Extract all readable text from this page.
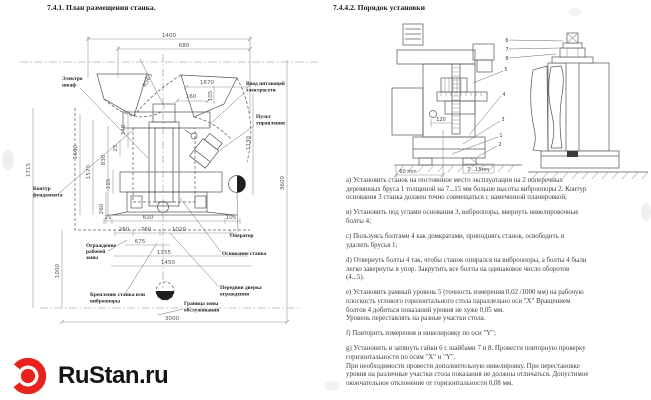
7.4.1. План размещения станка.	7.4.4.2. Порядок установки
1400
680
R565	1670
160 105
1715
1600
1570
830
340
25
105
260
1130
3600
25	620	105
260 760	1020
675
1355
1450
1000
3000
Электро
шкаф	Ввод питающей
электросети
Пульт
управления
Контур
фундамента
Оператор
Основание станка
Передняя дверка
ограждения
Ограждение
рабочей
зоны
Крепление станка или
виброопоры	Граница зоны
обслуживания
6
7
8
5
4
3
1
2
120
60 min	7...15мм

а) Установить станок на постоянное место эксплуатации на 2 поперечных
деревянных бруса 1 толщиной на 7...15 мм больше высоты виброопоры 2. Контур
основания 3 станка должен точно совмещаться с намеченной планировкой;

в) Установить под углами основания 3, виброопоры, ввернуть нивелировочные
болты 4;

с) Пользуясь болтами 4 как домкратами, приподнять станок, освободить и
удалить брусья 1;

d) Отвернуть болты 4 так, чтобы станок опирался на виброопоры, а болты 4 были
легко завернуты в упор. Закрутить все болты на одинаковое число оборотов
(4...5).

е) Установить рамный уровень 5 (точность измерения 0,02 /1000 мм) на рабочую
плоскость углового горизонтального стола параллельно оси "X" Вращением
болтов 4 добиться показаний уровня не хуже 0,05 мм.
Уровень переставлять на разные участки стола.

f) Повторить измерения и нивелировку по оси "Y";

g) Установить и затянуть гайки 6 с шайбами 7 и 8. Провести повторную проверку
горизонтальности по осям "X" и "Y".
При необходимости провести дополнительную нивелировку. При перестановке
уровня на различные участки стола показания не должны отличаться. Допустимое
окончательное отклонение от горизонтальности 0,08 мм.

RuStan.ru
